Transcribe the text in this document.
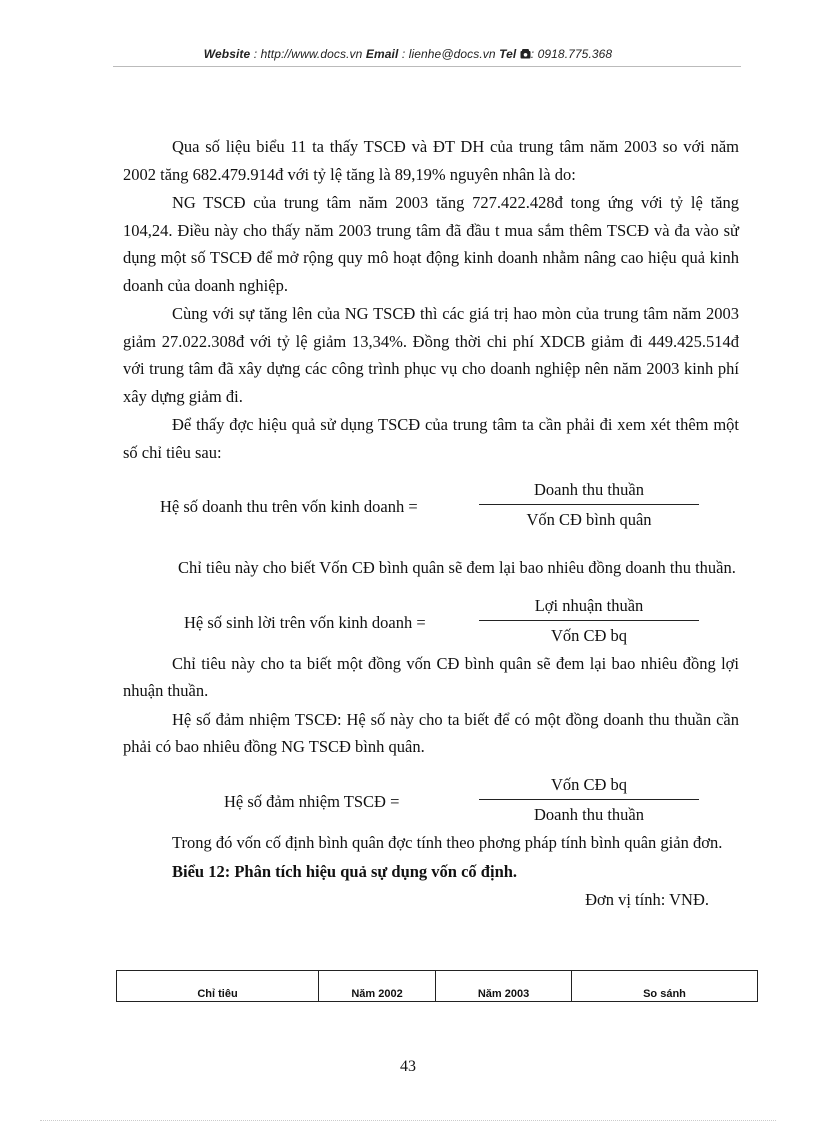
Website : http://www.docs.vn Email : lienhe@docs.vn Tel : 0918.775.368

Qua số liệu biểu 11 ta thấy TSCĐ và ĐT DH của trung tâm năm 2003 so với năm 2002 tăng 682.479.914đ với tỷ lệ tăng là 89,19% nguyên nhân là do:

NG TSCĐ của trung tâm năm 2003 tăng 727.422.428đ tong ứng với tỷ lệ tăng 104,24. Điều này cho thấy năm 2003 trung tâm đã đầu t mua sắm thêm TSCĐ và đa vào sử dụng một số TSCĐ để mở rộng quy mô hoạt động kinh doanh nhằm nâng cao hiệu quả kinh doanh của doanh nghiệp.

Cùng với sự tăng lên của NG TSCĐ thì các giá trị hao mòn của trung tâm năm 2003 giảm 27.022.308đ với tỷ lệ giảm 13,34%. Đồng thời chi phí XDCB giảm đi 449.425.514đ với trung tâm đã xây dựng các công trình phục vụ cho doanh nghiệp nên năm 2003 kinh phí xây dựng giảm đi.

Để thấy đợc hiệu quả sử dụng TSCĐ của trung tâm ta cần phải đi xem xét thêm một số chỉ tiêu sau:

Hệ số doanh thu trên vốn kinh doanh =
Doanh thu thuần
Vốn CĐ bình quân

Chỉ tiêu này cho biết Vốn CĐ bình quân sẽ đem lại bao nhiêu đồng doanh thu thuần.

Hệ số sinh lời trên vốn kinh doanh =
Lợi nhuận thuần
Vốn CĐ bq

Chỉ tiêu này cho ta biết một đồng vốn CĐ bình quân sẽ đem lại bao nhiêu đồng lợi nhuận thuần.

Hệ số đảm nhiệm TSCĐ: Hệ số này cho ta biết để có một đồng doanh thu thuần cần phải có bao nhiêu đồng NG TSCĐ bình quân.

Hệ số đảm nhiệm TSCĐ =
Vốn CĐ bq
Doanh thu thuần

Trong đó vốn cố định bình quân đợc tính theo phơng pháp tính bình quân giản đơn.

Biểu 12: Phân tích hiệu quả sự dụng vốn cố định.
Đơn vị tính: VNĐ.
Chỉ tiêu	Năm 2002	Năm 2003	So sánh
43
